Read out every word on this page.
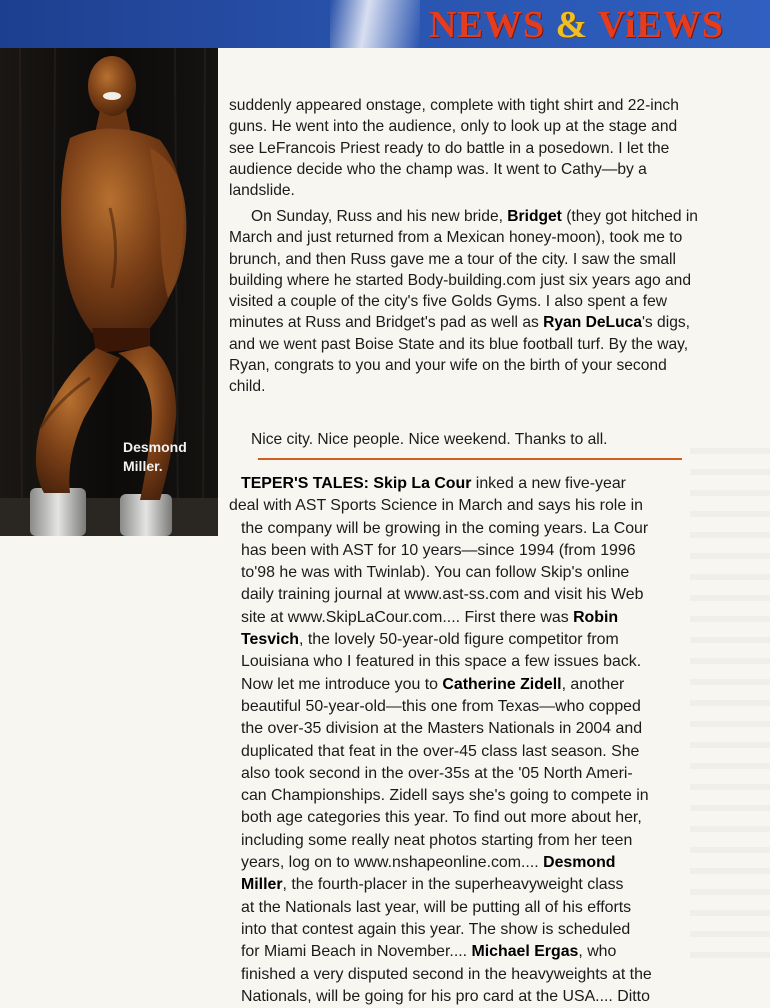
NEWS & ViEWS
Desmond
Miller.

suddenly appeared onstage, complete with tight shirt and 22-inch guns. He went into the audience, only to look up at the stage and see LeFrancois Priest ready to do battle in a posedown. I let the audience decide who the champ was. It went to Cathy—by a landslide.

On Sunday, Russ and his new bride, Bridget (they got hitched in March and just returned from a Mexican honey-moon), took me to brunch, and then Russ gave me a tour of the city. I saw the small building where he started Body-building.com just six years ago and visited a couple of the city's five Golds Gyms. I also spent a few minutes at Russ and Bridget's pad as well as Ryan DeLuca's digs, and we went past Boise State and its blue football turf. By the way, Ryan, congrats to you and your wife on the birth of your second child.

Nice city. Nice people. Nice weekend. Thanks to all.

TEPER'S TALES: Skip La Cour inked a new five-year
deal with AST Sports Science in March and says his role in
the company will be growing in the coming years. La Cour
has been with AST for 10 years—since 1994 (from 1996
to'98 he was with Twinlab). You can follow Skip's online
daily training journal at www.ast-ss.com and visit his Web
site at www.SkipLaCour.com.... First there was Robin
Tesvich, the lovely 50-year-old figure competitor from
Louisiana who I featured in this space a few issues back.
Now let me introduce you to Catherine Zidell, another
beautiful 50-year-old—this one from Texas—who copped
the over-35 division at the Masters Nationals in 2004 and
duplicated that feat in the over-45 class last season. She
also took second in the over-35s at the '05 North Ameri-
can Championships. Zidell says she's going to compete in
both age categories this year. To find out more about her,
including some really neat photos starting from her teen
years, log on to www.nshapeonline.com.... Desmond
Miller, the fourth-placer in the superheavyweight class
at the Nationals last year, will be putting all of his efforts
into that contest again this year. The show is scheduled
for Miami Beach in November.... Michael Ergas, who
finished a very disputed second in the heavyweights at the
Nationals, will be going for his pro card at the USA.... Ditto
